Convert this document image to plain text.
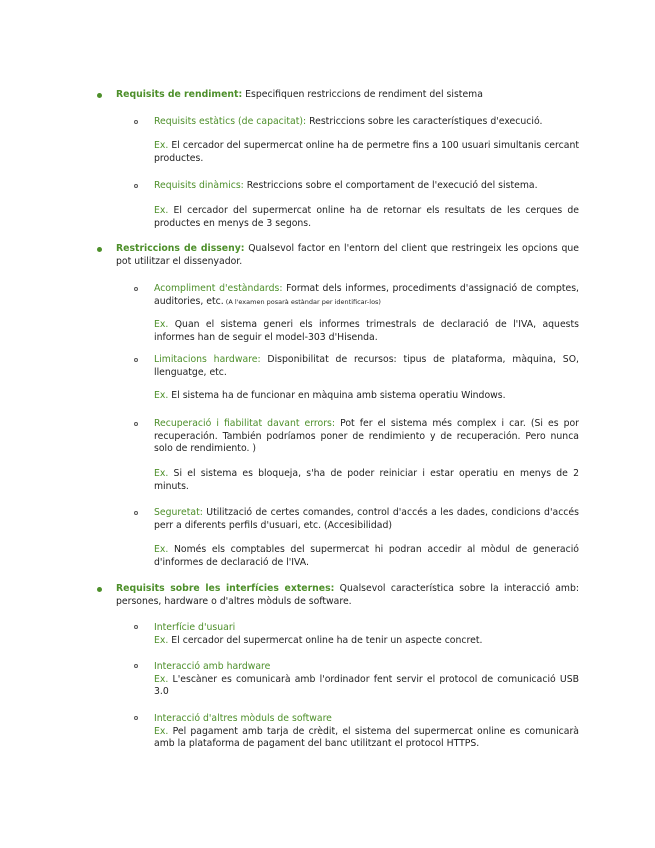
Requisits de rendiment: Especifiquen restriccions de rendiment del sistema
Requisits estàtics (de capacitat): Restriccions sobre les característiques d'execució.
Ex. El cercador del supermercat online ha de permetre fins a 100 usuari simultanis cercant productes.
Requisits dinàmics: Restriccions sobre el comportament de l'execució del sistema.
Ex. El cercador del supermercat online ha de retornar els resultats de les cerques de productes en menys de 3 segons.
Restriccions de disseny: Qualsevol factor en l'entorn del client que restringeix les opcions que pot utilitzar el dissenyador.
Acompliment d'estàndards: Format dels informes, procediments d'assignació de comptes, auditories, etc. (A l'examen posarà estàndar per identificar-los)
Ex. Quan el sistema generi els informes trimestrals de declaració de l'IVA, aquests informes han de seguir el model-303 d'Hisenda.
Limitacions hardware: Disponibilitat de recursos: tipus de plataforma, màquina, SO, llenguatge, etc.
Ex. El sistema ha de funcionar en màquina amb sistema operatiu Windows.
Recuperació i fiabilitat davant errors: Pot fer el sistema més complex i car. (Si es por recuperación. También podríamos poner de rendimiento y de recuperación. Pero nunca solo de rendimiento. )
Ex. Si el sistema es bloqueja, s'ha de poder reiniciar i estar operatiu en menys de 2 minuts.
Seguretat: Utilització de certes comandes, control d'accés a les dades, condicions d'accés perr a diferents perfils d'usuari, etc. (Accesibilidad)
Ex. Només els comptables del supermercat hi podran accedir al mòdul de generació d'informes de declaració de l'IVA.
Requisits sobre les interfícies externes: Qualsevol característica sobre la interacció amb: persones, hardware o d'altres mòduls de software.
Interfície d'usuari
Ex. El cercador del supermercat online ha de tenir un aspecte concret.
Interacció amb hardware
Ex. L'escàner es comunicarà amb l'ordinador fent servir el protocol de comunicació USB 3.0
Interacció d'altres mòduls de software
Ex. Pel pagament amb tarja de crèdit, el sistema del supermercat online es comunicarà amb la plataforma de pagament del banc utilitzant el protocol HTTPS.
